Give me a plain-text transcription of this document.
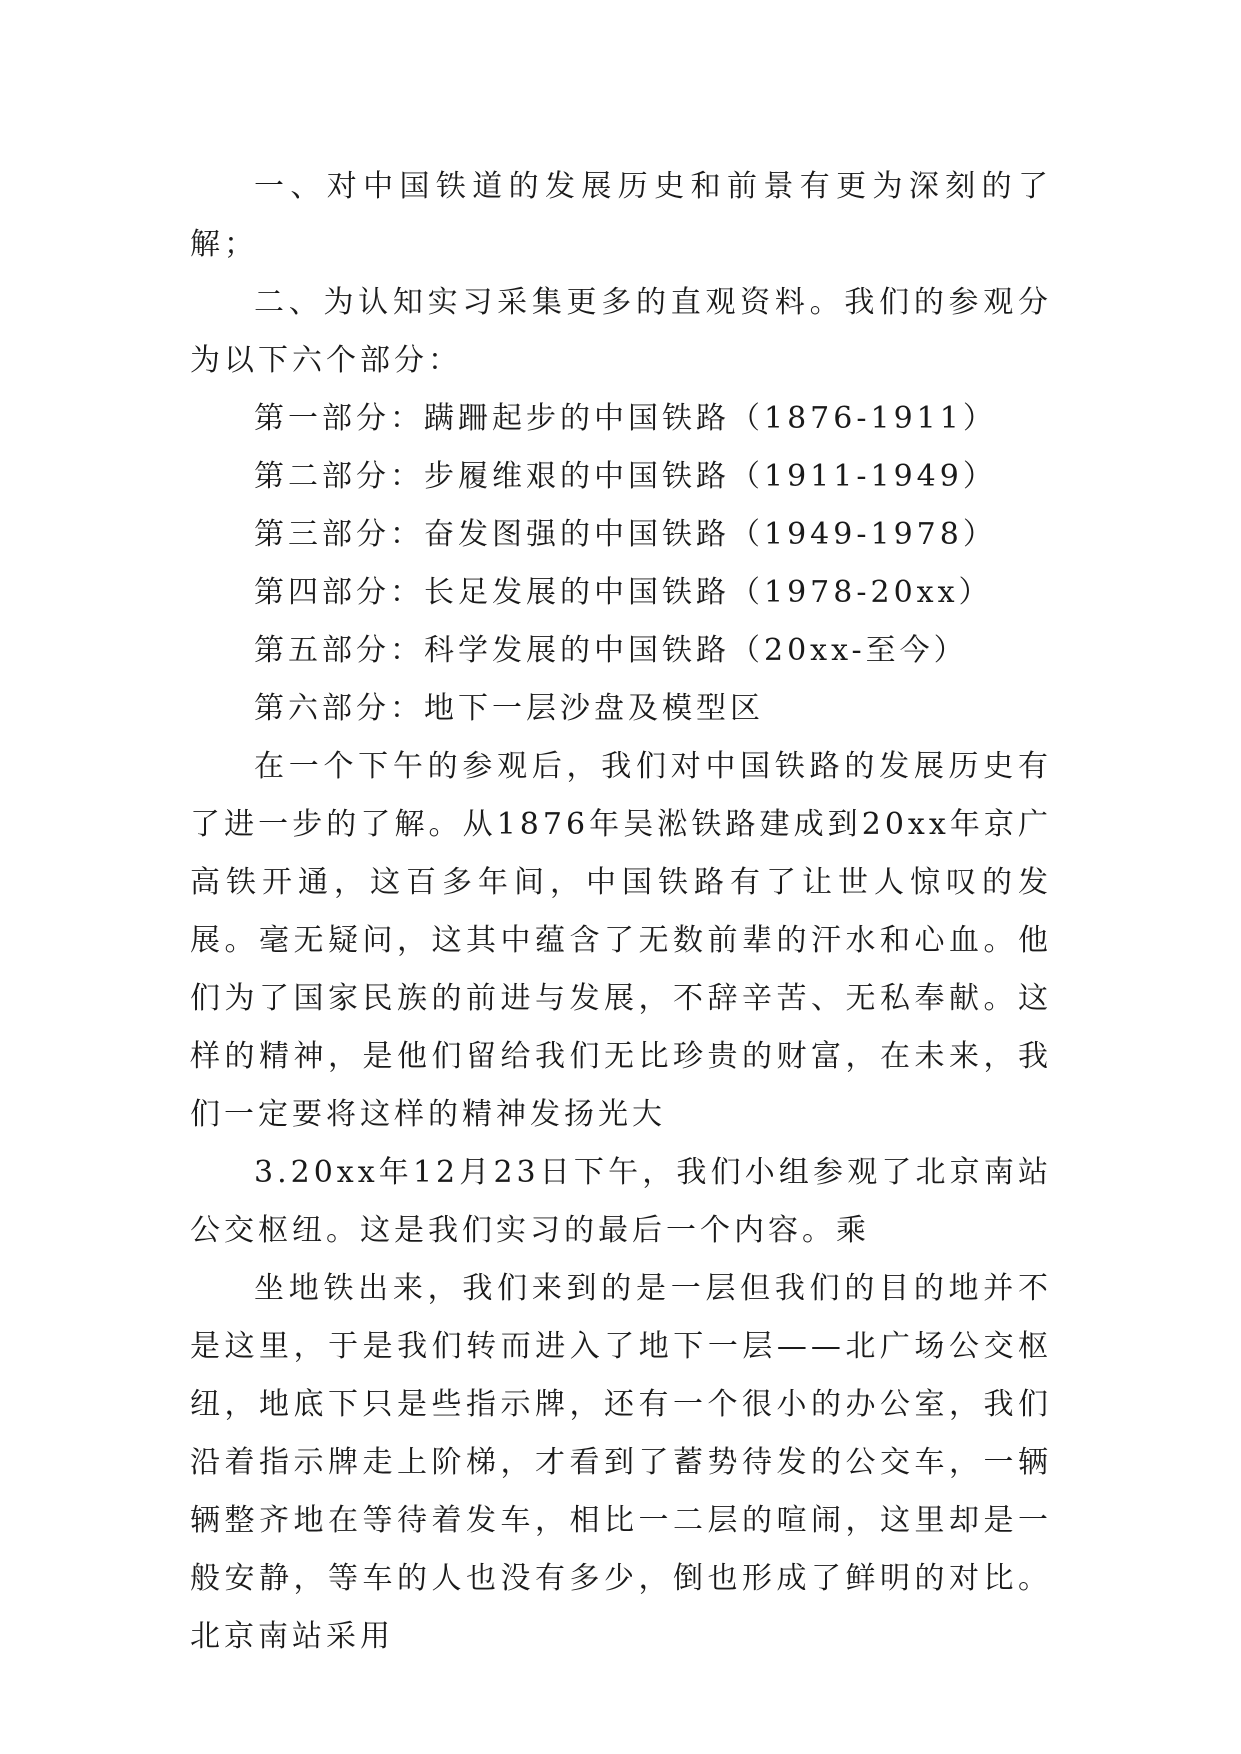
一、对中国铁道的发展历史和前景有更为深刻的了解；

二、为认知实习采集更多的直观资料。我们的参观分为以下六个部分：

第一部分：蹒跚起步的中国铁路（1876-1911）

第二部分：步履维艰的中国铁路（1911-1949）

第三部分：奋发图强的中国铁路（1949-1978）

第四部分：长足发展的中国铁路（1978-20xx）

第五部分：科学发展的中国铁路（20xx-至今）

第六部分：地下一层沙盘及模型区

在一个下午的参观后，我们对中国铁路的发展历史有了进一步的了解。从1876年吴淞铁路建成到20xx年京广高铁开通，这百多年间，中国铁路有了让世人惊叹的发展。毫无疑问，这其中蕴含了无数前辈的汗水和心血。他们为了国家民族的前进与发展，不辞辛苦、无私奉献。这样的精神，是他们留给我们无比珍贵的财富，在未来，我们一定要将这样的精神发扬光大

3.20xx年12月23日下午，我们小组参观了北京南站公交枢纽。这是我们实习的最后一个内容。乘

坐地铁出来，我们来到的是一层但我们的目的地并不是这里，于是我们转而进入了地下一层——北广场公交枢纽，地底下只是些指示牌，还有一个很小的办公室，我们沿着指示牌走上阶梯，才看到了蓄势待发的公交车，一辆辆整齐地在等待着发车，相比一二层的喧闹，这里却是一般安静，等车的人也没有多少，倒也形成了鲜明的对比。北京南站采用
